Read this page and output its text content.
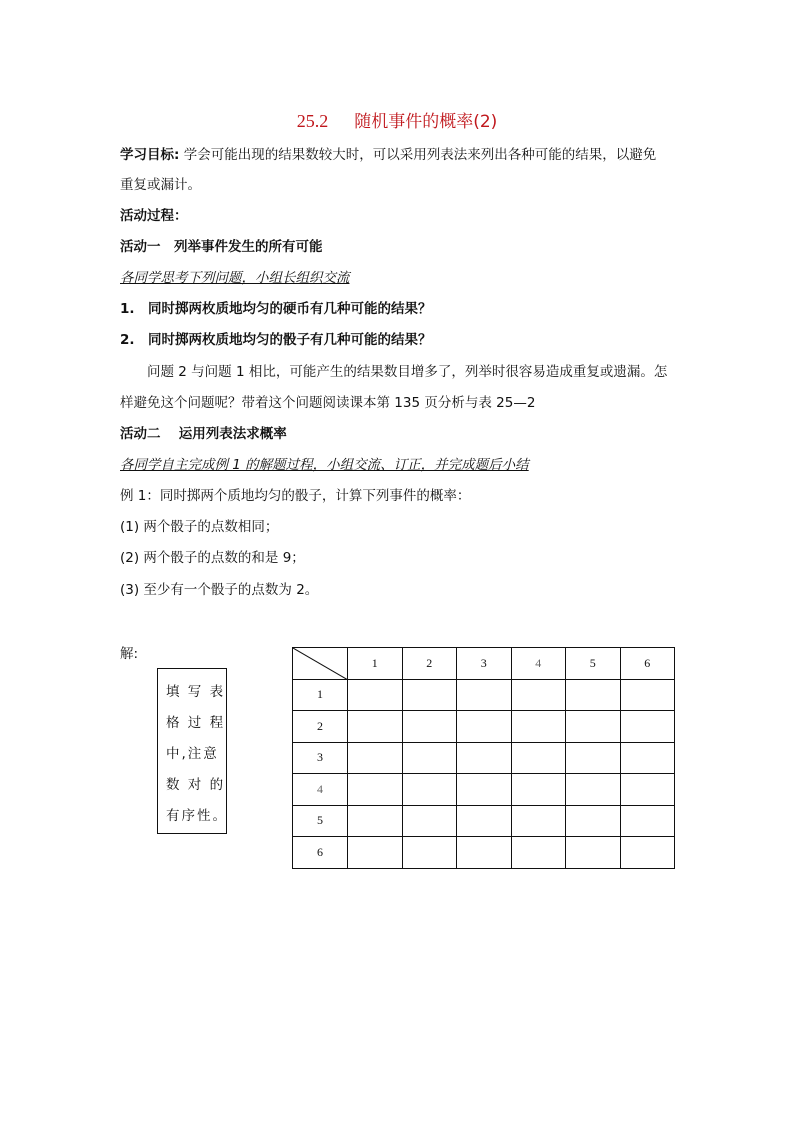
25.2 随机事件的概率(2)
学习目标: 学会可能出现的结果数较大时，可以采用列表法来列出各种可能的结果，以避免
重复或漏计。
活动过程：
活动一　列举事件发生的所有可能
各同学思考下列问题，小组长组织交流
1.　同时掷两枚质地均匀的硬币有几种可能的结果？
2.　同时掷两枚质地均匀的骰子有几种可能的结果？
问题 2 与问题 1 相比，可能产生的结果数目增多了，列举时很容易造成重复或遗漏。怎
样避免这个问题呢？带着这个问题阅读课本第 135 页分析与表 25—2
活动二　 运用列表法求概率
各同学自主完成例 1 的解题过程，小组交流、订正，并完成题后小结
例 1：同时掷两个质地均匀的骰子，计算下列事件的概率：
(1) 两个骰子的点数相同；
(2) 两个骰子的点数的和是 9；
(3) 至少有一个骰子的点数为 2。
解:
填 写 表
格 过 程
中,注意
数 对 的
有序性。
	1	2	3	4	5	6
1						
2						
3						
4						
5						
6						
